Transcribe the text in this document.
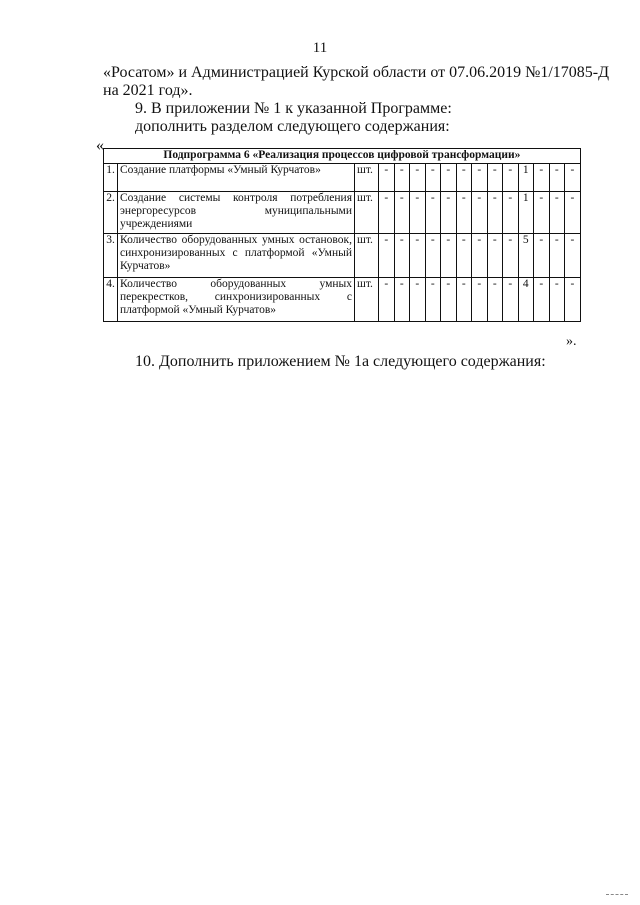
11
«Росатом» и Администрацией Курской области от 07.06.2019 №1/17085-Д
на 2021 год».
9. В приложении № 1 к указанной Программе:
дополнить разделом следующего содержания:
«
Подпрограмма 6 «Реализация процессов цифровой трансформации»															
1.	Создание платформы «Умный Курчатов»	шт.	-	-	-	-	-	-	-	-	-	1	-	-	-
2.	Создание системы контроля потребления энергоресурсов муниципальными учреждениями	шт.	-	-	-	-	-	-	-	-	-	1	-	-	-
3.	Количество оборудованных умных остановок, синхронизированных с платформой «Умный Курчатов»	шт.	-	-	-	-	-	-	-	-	-	5	-	-	-
4.	Количество оборудованных умных перекрестков, синхронизированных с платформой «Умный Курчатов»	шт.	-	-	-	-	-	-	-	-	-	4	-	-	-
».
10. Дополнить приложением № 1а следующего содержания:
